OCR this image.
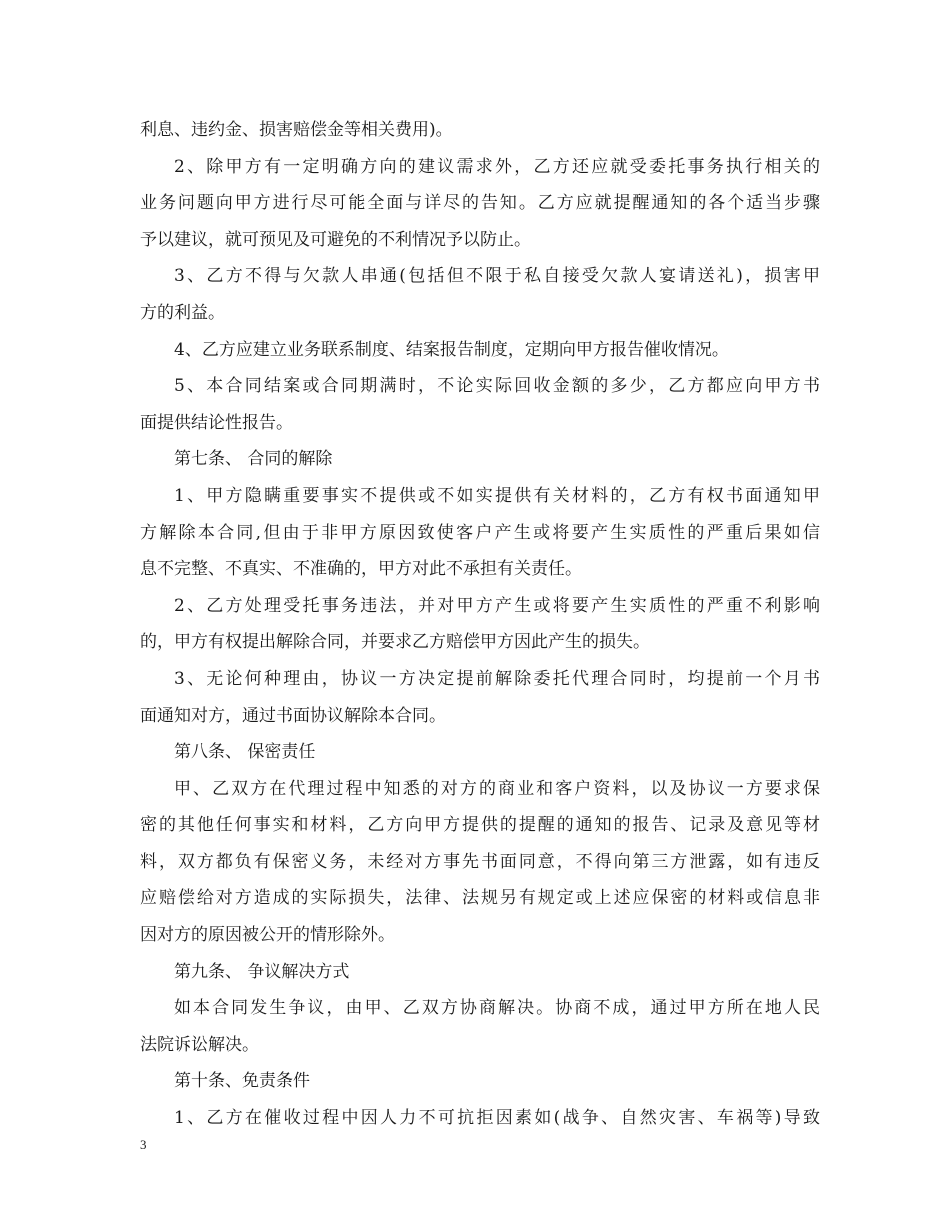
利息、违约金、损害赔偿金等相关费用)。
2、除甲方有一定明确方向的建议需求外，乙方还应就受委托事务执行相关的
业务问题向甲方进行尽可能全面与详尽的告知。乙方应就提醒通知的各个适当步骤
予以建议，就可预见及可避免的不利情况予以防止。
3、乙方不得与欠款人串通(包括但不限于私自接受欠款人宴请送礼)，损害甲
方的利益。
4、乙方应建立业务联系制度、结案报告制度，定期向甲方报告催收情况。
5、本合同结案或合同期满时，不论实际回收金额的多少，乙方都应向甲方书
面提供结论性报告。
第七条、 合同的解除
1、甲方隐瞒重要事实不提供或不如实提供有关材料的，乙方有权书面通知甲
方解除本合同,但由于非甲方原因致使客户产生或将要产生实质性的严重后果如信
息不完整、不真实、不准确的，甲方对此不承担有关责任。
2、乙方处理受托事务违法，并对甲方产生或将要产生实质性的严重不利影响
的，甲方有权提出解除合同，并要求乙方赔偿甲方因此产生的损失。
3、无论何种理由，协议一方决定提前解除委托代理合同时，均提前一个月书
面通知对方，通过书面协议解除本合同。
第八条、 保密责任
甲、乙双方在代理过程中知悉的对方的商业和客户资料，以及协议一方要求保
密的其他任何事实和材料，乙方向甲方提供的提醒的通知的报告、记录及意见等材
料，双方都负有保密义务，未经对方事先书面同意，不得向第三方泄露，如有违反
应赔偿给对方造成的实际损失，法律、法规另有规定或上述应保密的材料或信息非
因对方的原因被公开的情形除外。
第九条、 争议解决方式
如本合同发生争议，由甲、乙双方协商解决。协商不成，通过甲方所在地人民
法院诉讼解决。
第十条、免责条件
1、乙方在催收过程中因人力不可抗拒因素如(战争、自然灾害、车祸等)导致
3
